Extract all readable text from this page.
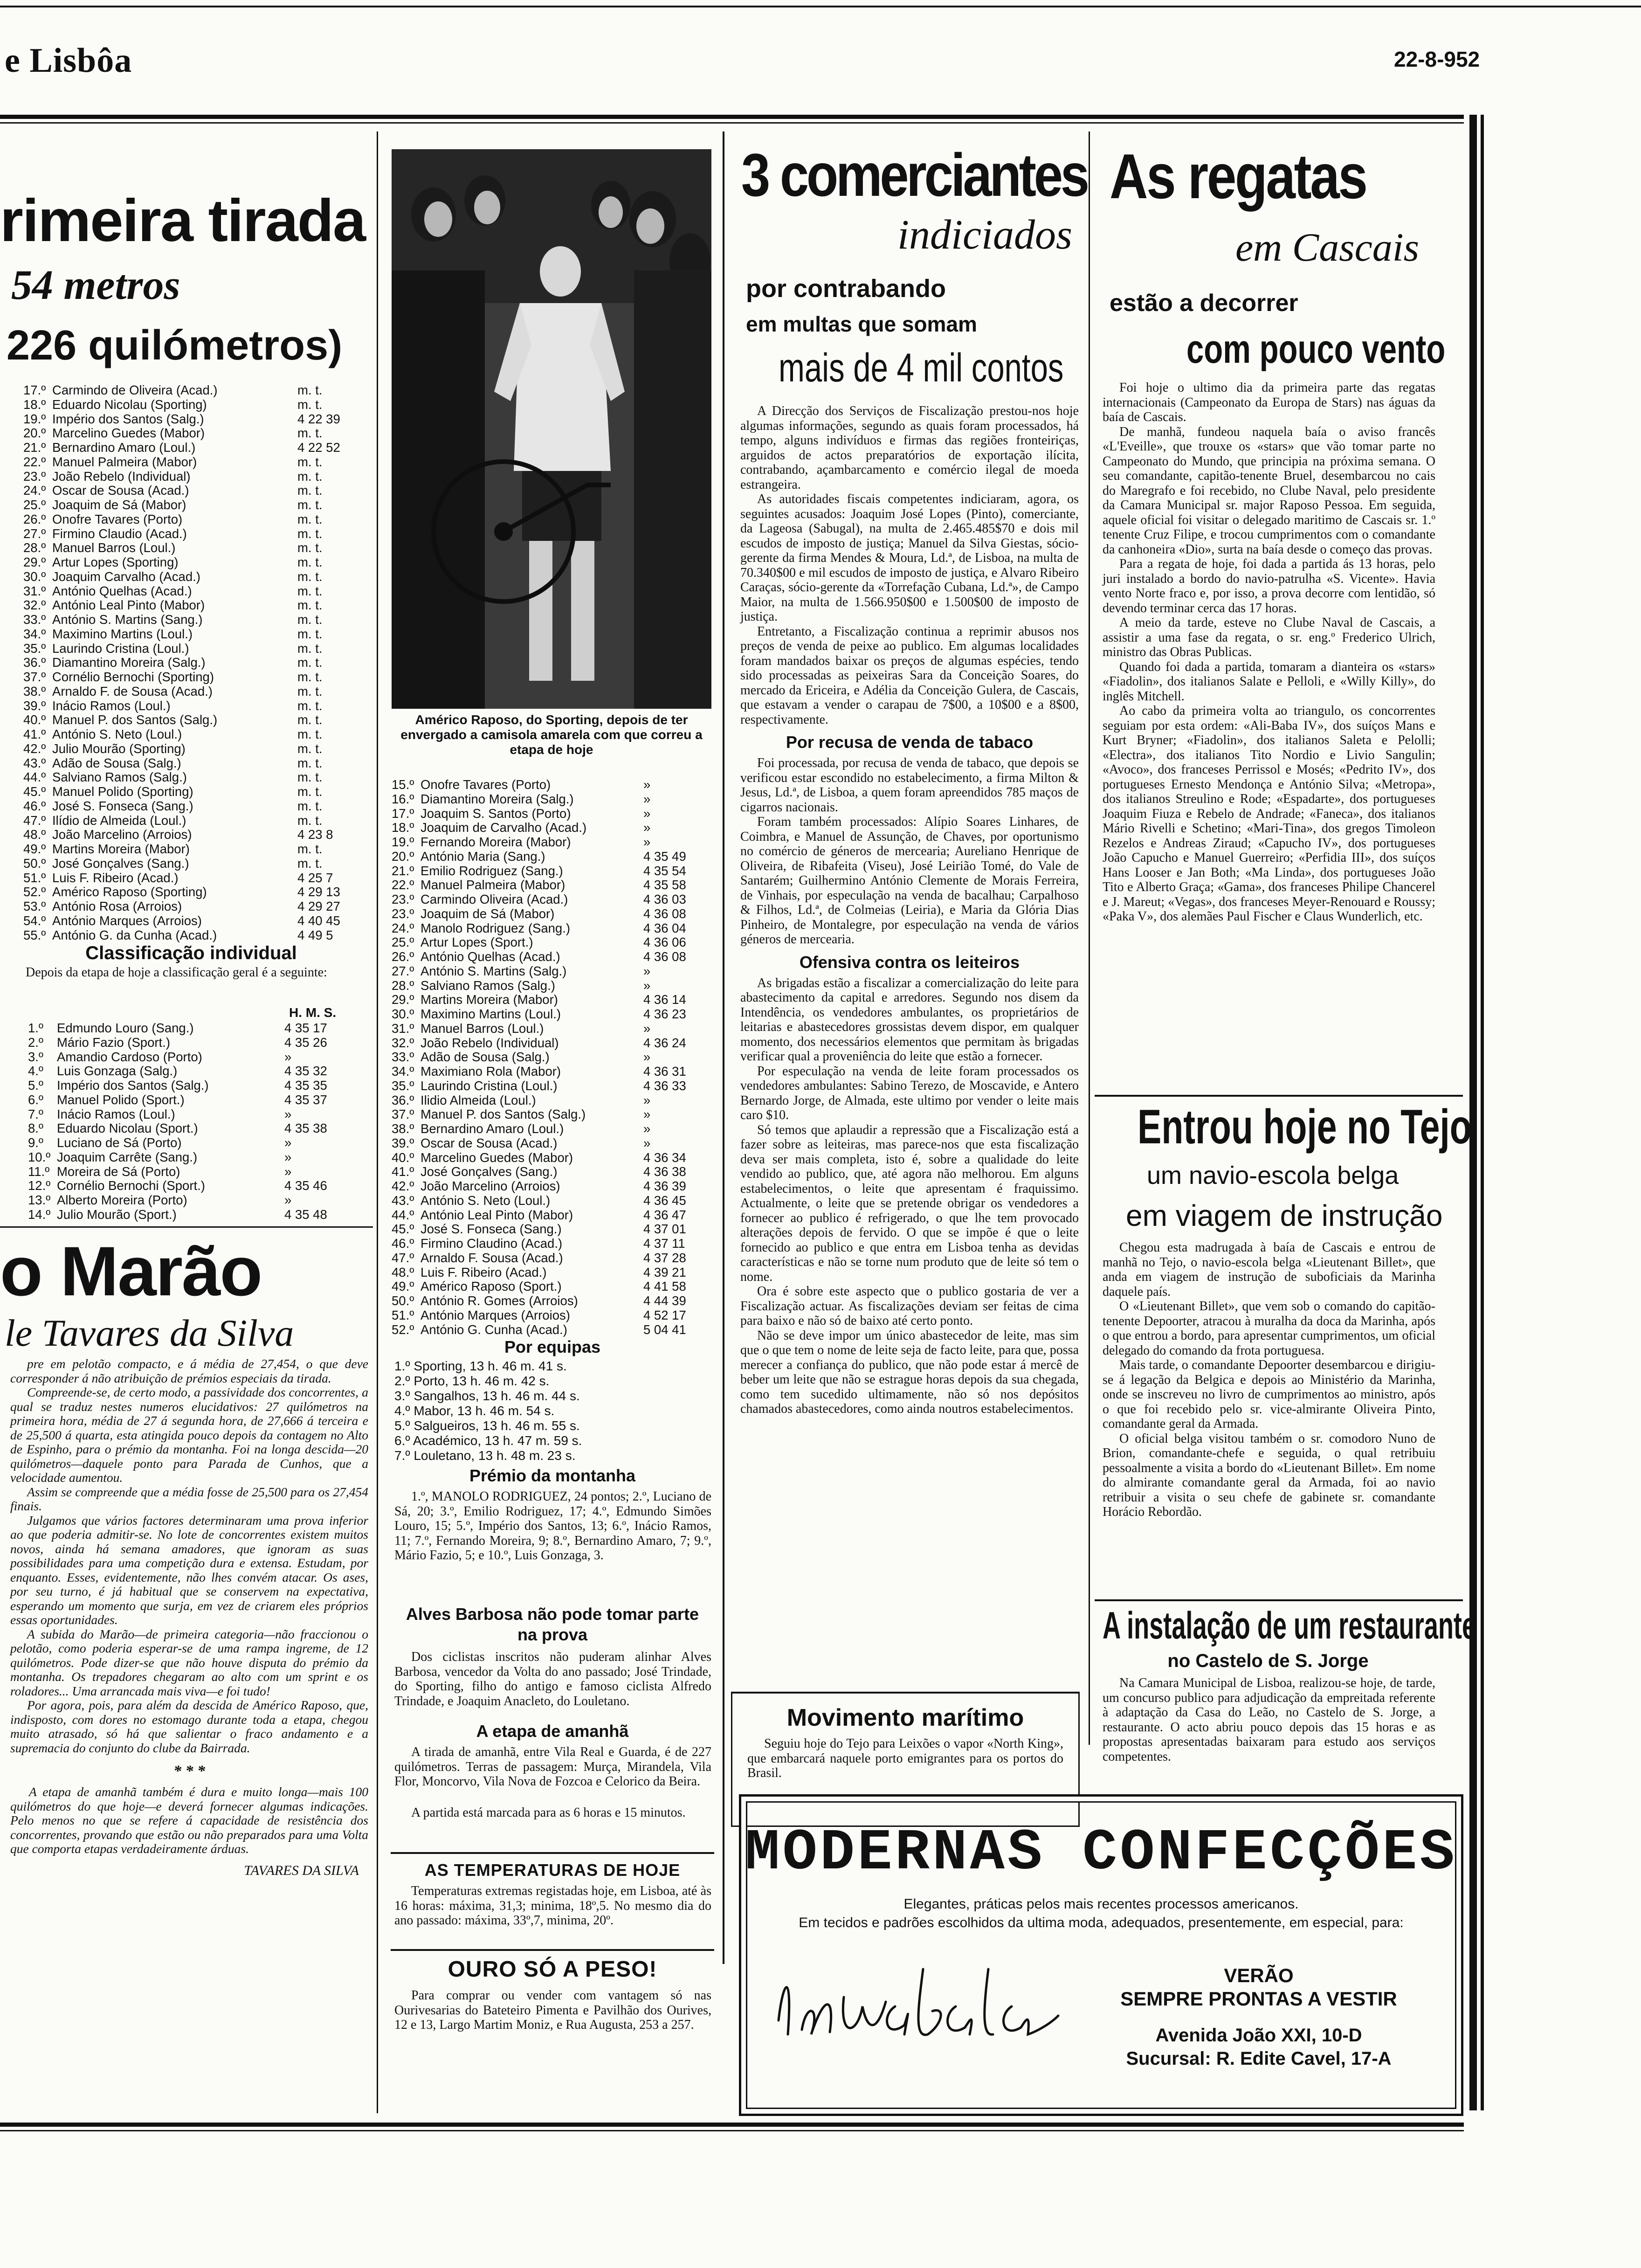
e Lisbôa	22-8-952
rimeira tirada
54 metros
226 quilómetros)
17.º Carmindo de Oliveira (Acad.)	m. t.
18.º Eduardo Nicolau (Sporting)	m. t.
19.º Império dos Santos (Salg.)	4 22 39
20.º Marcelino Guedes (Mabor)	m. t.
21.º Bernardino Amaro (Loul.)	4 22 52
22.º Manuel Palmeira (Mabor)	m. t.
23.º João Rebelo (Individual)	m. t.
24.º Oscar de Sousa (Acad.)	m. t.
25.º Joaquim de Sá (Mabor)	m. t.
26.º Onofre Tavares (Porto)	m. t.
27.º Firmino Claudio (Acad.)	m. t.
28.º Manuel Barros (Loul.)	m. t.
29.º Artur Lopes (Sporting)	m. t.
30.º Joaquim Carvalho (Acad.)	m. t.
31.º António Quelhas (Acad.)	m. t.
32.º António Leal Pinto (Mabor)	m. t.
33.º António S. Martins (Sang.)	m. t.
34.º Maximino Martins (Loul.)	m. t.
35.º Laurindo Cristina (Loul.)	m. t.
36.º Diamantino Moreira (Salg.)	m. t.
37.º Cornélio Bernochi (Sporting)	m. t.
38.º Arnaldo F. de Sousa (Acad.)	m. t.
39.º Inácio Ramos (Loul.)	m. t.
40.º Manuel P. dos Santos (Salg.)	m. t.
41.º António S. Neto (Loul.)	m. t.
42.º Julio Mourão (Sporting)	m. t.
43.º Adão de Sousa (Salg.)	m. t.
44.º Salviano Ramos (Salg.)	m. t.
45.º Manuel Polido (Sporting)	m. t.
46.º José S. Fonseca (Sang.)	m. t.
47.º Ilídio de Almeida (Loul.)	m. t.
48.º João Marcelino (Arroios)	4 23 8
49.º Martins Moreira (Mabor)	m. t.
50.º José Gonçalves (Sang.)	m. t.
51.º Luis F. Ribeiro (Acad.)	4 25 7
52.º Américo Raposo (Sporting)	4 29 13
53.º António Rosa (Arroios)	4 29 27
54.º António Marques (Arroios)	4 40 45
55.º António G. da Cunha (Acad.)	4 49 5
Classificação individual
Depois da etapa de hoje a classificação geral é a seguinte:
H. M. S.
1.º	Edmundo Louro (Sang.)	4 35 17
2.º	Mário Fazio (Sport.)	4 35 26
3.º	Amandio Cardoso (Porto)	»
4.º	Luis Gonzaga (Salg.)	4 35 32
5.º	Império dos Santos (Salg.)	4 35 35
6.º	Manuel Polido (Sport.)	4 35 37
7.º	Inácio Ramos (Loul.)	»
8.º	Eduardo Nicolau (Sport.)	4 35 38
9.º	Luciano de Sá (Porto)	»
10.º Joaquim Carrête (Sang.)	»
11.º Moreira de Sá (Porto)	»
12.º Cornélio Bernochi (Sport.)	4 35 46
13.º Alberto Moreira (Porto)	»
14.º Julio Mourão (Sport.)	4 35 48
o Marão
le Tavares da Silva
pre em pelotão compacto, e á média de 27,454, o que deve corresponder á não atribuição de prémios especiais da tirada.
Compreende-se, de certo modo, a passividade dos concorrentes, a qual se traduz nestes numeros elucidativos: 27 quilómetros na primeira hora, média de 27 á segunda hora, de 27,666 á terceira e de 25,500 á quarta, esta atingida pouco depois da contagem no Alto de Espinho, para o prémio da montanha. Foi na longa descida—20 quilómetros—daquele ponto para Parada de Cunhos, que a velocidade aumentou.
Assim se compreende que a média fosse de 25,500 para os 27,454 finais.
Julgamos que vários factores determinaram uma prova inferior ao que poderia admitir-se. No lote de concorrentes existem muitos novos, ainda há semana amadores, que ignoram as suas possibilidades para uma competição dura e extensa. Estudam, por enquanto. Esses, evidentemente, não lhes convém atacar. Os ases, por seu turno, é já habitual que se conservem na expectativa, esperando um momento que surja, em vez de criarem eles próprios essas oportunidades.
A subida do Marão—de primeira categoria—não fraccionou o pelotão, como poderia esperar-se de uma rampa ingreme, de 12 quilómetros. Pode dizer-se que não houve disputa do prémio da montanha. Os trepadores chegaram ao alto com um sprint e os roladores... Uma arrancada mais viva—e foi tudo!
Por agora, pois, para além da descida de Américo Raposo, que, indisposto, com dores no estomago durante toda a etapa, chegou muito atrasado, só há que salientar o fraco andamento e a supremacia do conjunto do clube da Bairrada.
* * *
A etapa de amanhã também é dura e muito longa—mais 100 quilómetros do que hoje—e deverá fornecer algumas indicações. Pelo menos no que se refere á capacidade de resistência dos concorrentes, provando que estão ou não preparados para uma Volta que comporta etapas verdadeiramente árduas.
TAVARES DA SILVA
Américo Raposo, do Sporting, depois de ter envergado a camisola amarela com que correu a etapa de hoje
15.º Onofre Tavares (Porto)	»
16.º Diamantino Moreira (Salg.)	»
17.º Joaquim S. Santos (Porto)	»
18.º Joaquim de Carvalho (Acad.)	»
19.º Fernando Moreira (Mabor)	»
20.º António Maria (Sang.)	4 35 49
21.º Emilio Rodriguez (Sang.)	4 35 54
22.º Manuel Palmeira (Mabor)	4 35 58
23.º Carmindo Oliveira (Acad.)	4 36 03
23.º Joaquim de Sá (Mabor)	4 36 08
24.º Manolo Rodriguez (Sang.)	4 36 04
25.º Artur Lopes (Sport.)	4 36 06
26.º António Quelhas (Acad.)	4 36 08
27.º António S. Martins (Salg.)	»
28.º Salviano Ramos (Salg.)	»
29.º Martins Moreira (Mabor)	4 36 14
30.º Maximino Martins (Loul.)	4 36 23
31.º Manuel Barros (Loul.)	»
32.º João Rebelo (Individual)	4 36 24
33.º Adão de Sousa (Salg.)	»
34.º Maximiano Rola (Mabor)	4 36 31
35.º Laurindo Cristina (Loul.)	4 36 33
36.º Ilidio Almeida (Loul.)	»
37.º Manuel P. dos Santos (Salg.)	»
38.º Bernardino Amaro (Loul.)	»
39.º Oscar de Sousa (Acad.)	»
40.º Marcelino Guedes (Mabor)	4 36 34
41.º José Gonçalves (Sang.)	4 36 38
42.º João Marcelino (Arroios)	4 36 39
43.º António S. Neto (Loul.)	4 36 45
44.º António Leal Pinto (Mabor)	4 36 47
45.º José S. Fonseca (Sang.)	4 37 01
46.º Firmino Claudino (Acad.)	4 37 11
47.º Arnaldo F. Sousa (Acad.)	4 37 28
48.º Luis F. Ribeiro (Acad.)	4 39 21
49.º Américo Raposo (Sport.)	4 41 58
50.º António R. Gomes (Arroios)	4 44 39
51.º António Marques (Arroios)	4 52 17
52.º António G. Cunha (Acad.)	5 04 41
Por equipas
1.º Sporting, 13 h. 46 m. 41 s.
2.º Porto, 13 h. 46 m. 42 s.
3.º Sangalhos, 13 h. 46 m. 44 s.
4.º Mabor, 13 h. 46 m. 54 s.
5.º Salgueiros, 13 h. 46 m. 55 s.
6.º Académico, 13 h. 47 m. 59 s.
7.º Louletano, 13 h. 48 m. 23 s.
Prémio da montanha
1.º, MANOLO RODRIGUEZ, 24 pontos; 2.º, Luciano de Sá, 20; 3.º, Emilio Rodriguez, 17; 4.º, Edmundo Simões Louro, 15; 5.º, Império dos Santos, 13; 6.º, Inácio Ramos, 11; 7.º, Fernando Moreira, 9; 8.º, Bernardino Amaro, 7; 9.º, Mário Fazio, 5; e 10.º, Luis Gonzaga, 3.
Alves Barbosa não pode tomar parte na prova
Dos ciclistas inscritos não puderam alinhar Alves Barbosa, vencedor da Volta do ano passado; José Trindade, do Sporting, filho do antigo e famoso ciclista Alfredo Trindade, e Joaquim Anacleto, do Louletano.
A etapa de amanhã
A tirada de amanhã, entre Vila Real e Guarda, é de 227 quilómetros. Terras de passagem: Murça, Mirandela, Vila Flor, Moncorvo, Vila Nova de Fozcoa e Celorico da Beira.
A partida está marcada para as 6 horas e 15 minutos.
AS TEMPERATURAS DE HOJE
Temperaturas extremas registadas hoje, em Lisboa, até às 16 horas: máxima, 31,3; minima, 18º,5. No mesmo dia do ano passado: máxima, 33º,7, minima, 20º.
OURO SÓ A PESO!
Para comprar ou vender com vantagem só nas Ourivesarias do Bateteiro Pimenta e Pavilhão dos Ourives, 12 e 13, Largo Martim Moniz, e Rua Augusta, 253 a 257.
3 comerciantes
indiciados
por contrabando
em multas que somam
mais de 4 mil contos
A Direcção dos Serviços de Fiscalização prestou-nos hoje algumas informações, segundo as quais foram processados, há tempo, alguns indivíduos e firmas das regiões fronteiriças, arguidos de actos preparatórios de exportação ilícita, contrabando, açambarcamento e comércio ilegal de moeda estrangeira.
As autoridades fiscais competentes indiciaram, agora, os seguintes acusados: Joaquim José Lopes (Pinto), comerciante, da Lageosa (Sabugal), na multa de 2.465.485$70 e dois mil escudos de imposto de justiça; Manuel da Silva Giestas, sócio-gerente da firma Mendes & Moura, Ld.ª, de Lisboa, na multa de 70.340$00 e mil escudos de imposto de justiça, e Alvaro Ribeiro Caraças, sócio-gerente da «Torrefação Cubana, Ld.ª», de Campo Maior, na multa de 1.566.950$00 e 1.500$00 de imposto de justiça.
Entretanto, a Fiscalização continua a reprimir abusos nos preços de venda de peixe ao publico. Em algumas localidades foram mandados baixar os preços de algumas espécies, tendo sido processadas as peixeiras Sara da Conceição Soares, do mercado da Ericeira, e Adélia da Conceição Gulera, de Cascais, que estavam a vender o carapau de 7$00, a 10$00 e a 8$00, respectivamente.
Por recusa de venda de tabaco
Foi processada, por recusa de venda de tabaco, que depois se verificou estar escondido no estabelecimento, a firma Milton & Jesus, Ld.ª, de Lisboa, a quem foram apreendidos 785 maços de cigarros nacionais.
Foram também processados: Alípio Soares Linhares, de Coimbra, e Manuel de Assunção, de Chaves, por oportunismo no comércio de géneros de mercearia; Aureliano Henrique de Oliveira, de Ribafeita (Viseu), José Leirião Tomé, do Vale de Santarém; Guilhermino António Clemente de Morais Ferreira, de Vinhais, por especulação na venda de bacalhau; Carpalhoso & Filhos, Ld.ª, de Colmeias (Leiria), e Maria da Glória Dias Pinheiro, de Montalegre, por especulação na venda de vários géneros de mercearia.
Ofensiva contra os leiteiros
As brigadas estão a fiscalizar a comercialização do leite para abastecimento da capital e arredores. Segundo nos disem da Intendência, os vendedores ambulantes, os proprietários de leitarias e abastecedores grossistas devem dispor, em qualquer momento, dos necessários elementos que permitam às brigadas verificar qual a proveniência do leite que estão a fornecer.
Por especulação na venda de leite foram processados os vendedores ambulantes: Sabino Terezo, de Moscavide, e Antero Bernardo Jorge, de Almada, este ultimo por vender o leite mais caro $10.
Só temos que aplaudir a repressão que a Fiscalização está a fazer sobre as leiteiras, mas parece-nos que esta fiscalização deva ser mais completa, isto é, sobre a qualidade do leite vendido ao publico, que, até agora não melhorou. Em alguns estabelecimentos, o leite que apresentam é fraquissimo. Actualmente, o leite que se pretende obrigar os vendedores a fornecer ao publico é refrigerado, o que lhe tem provocado alterações depois de fervido. O que se impõe é que o leite fornecido ao publico e que entra em Lisboa tenha as devidas características e não se torne num produto que de leite só tem o nome.
Ora é sobre este aspecto que o publico gostaria de ver a Fiscalização actuar. As fiscalizações deviam ser feitas de cima para baixo e não só de baixo até certo ponto.
Não se deve impor um único abastecedor de leite, mas sim que o que tem o nome de leite seja de facto leite, para que, possa merecer a confiança do publico, que não pode estar á mercê de beber um leite que não se estrague horas depois da sua chegada, como tem sucedido ultimamente, não só nos depósitos chamados abastecedores, como ainda noutros estabelecimentos.
Movimento marítimo
Seguiu hoje do Tejo para Leixões o vapor «North King», que embarcará naquele porto emigrantes para os portos do Brasil.
As regatas
em Cascais
estão a decorrer
com pouco vento
Foi hoje o ultimo dia da primeira parte das regatas internacionais (Campeonato da Europa de Stars) nas águas da baía de Cascais.
De manhã, fundeou naquela baía o aviso francês «L'Eveille», que trouxe os «stars» que vão tomar parte no Campeonato do Mundo, que principia na próxima semana. O seu comandante, capitão-tenente Bruel, desembarcou no cais do Maregrafo e foi recebido, no Clube Naval, pelo presidente da Camara Municipal sr. major Raposo Pessoa. Em seguida, aquele oficial foi visitar o delegado maritimo de Cascais sr. 1.º tenente Cruz Filipe, e trocou cumprimentos com o comandante da canhoneira «Dio», surta na baía desde o começo das provas.
Para a regata de hoje, foi dada a partida ás 13 horas, pelo juri instalado a bordo do navio-patrulha «S. Vicente». Havia vento Norte fraco e, por isso, a prova decorre com lentidão, só devendo terminar cerca das 17 horas.
A meio da tarde, esteve no Clube Naval de Cascais, a assistir a uma fase da regata, o sr. eng.º Frederico Ulrich, ministro das Obras Publicas.
Quando foi dada a partida, tomaram a dianteira os «stars» «Fiadolin», dos italianos Salate e Pelloli, e «Willy Killy», do inglês Mitchell.
Ao cabo da primeira volta ao triangulo, os concorrentes seguiam por esta ordem: «Ali-Baba IV», dos suíços Mans e Kurt Bryner; «Fiadolin», dos italianos Saleta e Pelolli; «Electra», dos italianos Tito Nordio e Livio Sangulin; «Avoco», dos franceses Perrissol e Mosés; «Pedrito IV», dos portugueses Ernesto Mendonça e António Silva; «Metropa», dos italianos Streulino e Rode; «Espadarte», dos portugueses Joaquim Fiuza e Rebelo de Andrade; «Faneca», dos italianos Mário Rivelli e Schetino; «Mari-Tina», dos gregos Timoleon Rezelos e Andreas Ziraud; «Capucho IV», dos portugueses João Capucho e Manuel Guerreiro; «Perfidia III», dos suíços Hans Looser e Jan Both; «Ma Linda», dos portugueses João Tito e Alberto Graça; «Gama», dos franceses Philipe Chancerel e J. Mareut; «Vegas», dos franceses Meyer-Renouard e Roussy; «Paka V», dos alemães Paul Fischer e Claus Wunderlich, etc.
Entrou hoje no Tejo
um navio-escola belga
em viagem de instrução
Chegou esta madrugada à baía de Cascais e entrou de manhã no Tejo, o navio-escola belga «Lieutenant Billet», que anda em viagem de instrução de suboficiais da Marinha daquele país.
O «Lieutenant Billet», que vem sob o comando do capitão-tenente Depoorter, atracou à muralha da doca da Marinha, após o que entrou a bordo, para apresentar cumprimentos, um oficial delegado do comando da frota portuguesa.
Mais tarde, o comandante Depoorter desembarcou e dirigiu-se á legação da Belgica e depois ao Ministério da Marinha, onde se inscreveu no livro de cumprimentos ao ministro, após o que foi recebido pelo sr. vice-almirante Oliveira Pinto, comandante geral da Armada.
O oficial belga visitou também o sr. comodoro Nuno de Brion, comandante-chefe e seguida, o qual retribuiu pessoalmente a visita a bordo do «Lieutenant Billet». Em nome do almirante comandante geral da Armada, foi ao navio retribuir a visita o seu chefe de gabinete sr. comandante Horácio Rebordão.
A instalação de um restaurante
no Castelo de S. Jorge
Na Camara Municipal de Lisboa, realizou-se hoje, de tarde, um concurso publico para adjudicação da empreitada referente à adaptação da Casa do Leão, no Castelo de S. Jorge, a restaurante. O acto abriu pouco depois das 15 horas e as propostas apresentadas baixaram para estudo aos serviços competentes.
MODERNAS CONFECÇÕES
Elegantes, práticas pelos mais recentes processos americanos.
Em tecidos e padrões escolhidos da ultima moda, adequados, presentemente, em especial, para:
VERÃO
SEMPRE PRONTAS A VESTIR
Avenida João XXI, 10-D
Sucursal: R. Edite Cavel, 17-A
